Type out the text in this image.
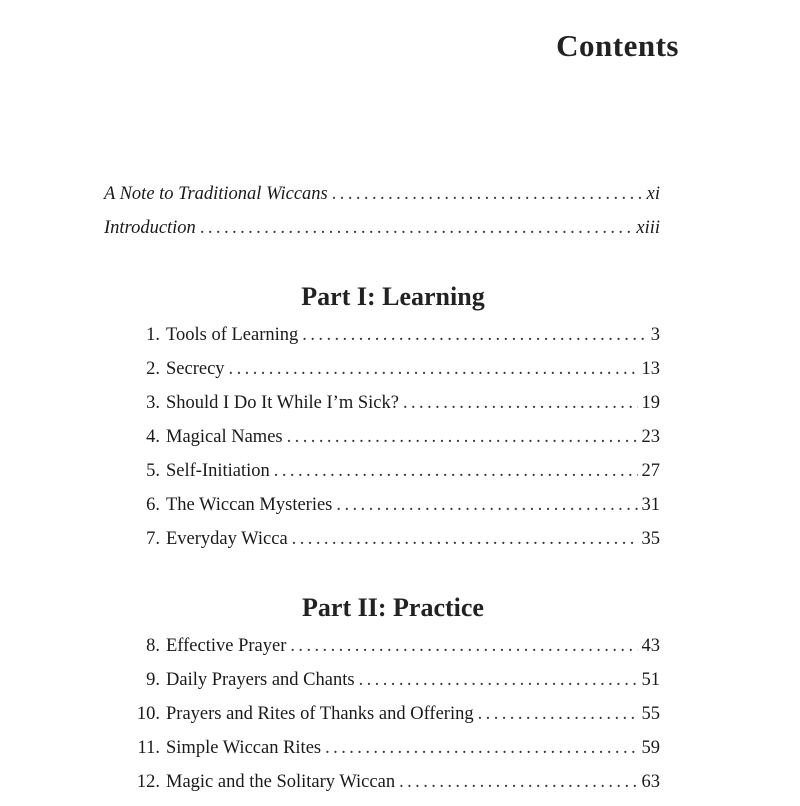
Contents
A Note to Traditional Wiccans . . .	xi
Introduction . . .	xiii
Part I: Learning
1. Tools of Learning . . .	3
2. Secrecy . . .	13
3. Should I Do It While I’m Sick? . . .	19
4. Magical Names . . .	23
5. Self-Initiation . . .	27
6. The Wiccan Mysteries . . .	31
7. Everyday Wicca . . .	35
Part II: Practice
8. Effective Prayer . . .	43
9. Daily Prayers and Chants . . .	51
10. Prayers and Rites of Thanks and Offering . . .	55
11. Simple Wiccan Rites . . .	59
12. Magic and the Solitary Wiccan . . .	63
